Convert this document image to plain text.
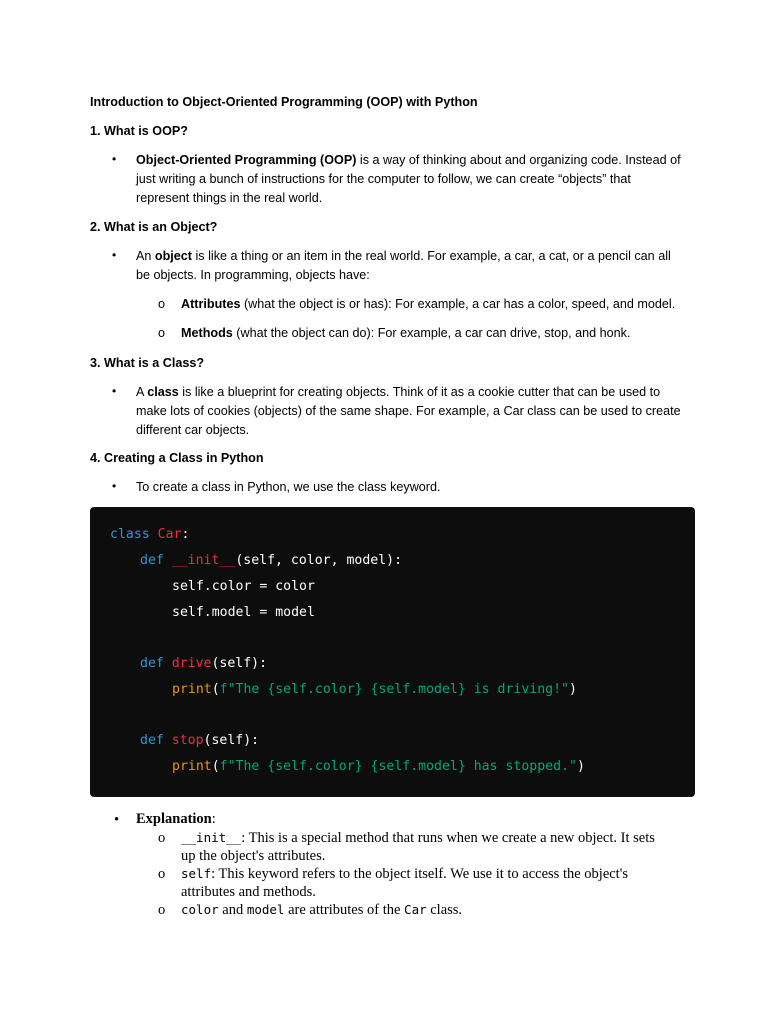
Introduction to Object-Oriented Programming (OOP) with Python
1. What is OOP?
• Object-Oriented Programming (OOP) is a way of thinking about and organizing code. Instead of
just writing a bunch of instructions for the computer to follow, we can create “objects” that
represent things in the real world.
2. What is an Object?
• An object is like a thing or an item in the real world. For example, a car, a cat, or a pencil can all
be objects. In programming, objects have:
o Attributes (what the object is or has): For example, a car has a color, speed, and model.
o Methods (what the object can do): For example, a car can drive, stop, and honk.
3. What is a Class?
• A class is like a blueprint for creating objects. Think of it as a cookie cutter that can be used to
make lots of cookies (objects) of the same shape. For example, a Car class can be used to create
different car objects.
4. Creating a Class in Python
• To create a class in Python, we use the class keyword.
class Car:
def __init__(self, color, model):
self.color = color
self.model = model
def drive(self):
print(f"The {self.color} {self.model} is driving!")
def stop(self):
print(f"The {self.color} {self.model} has stopped.")
• Explanation:
o __init__: This is a special method that runs when we create a new object. It sets
up the object's attributes.
o self: This keyword refers to the object itself. We use it to access the object's
attributes and methods.
o color and model are attributes of the Car class.
